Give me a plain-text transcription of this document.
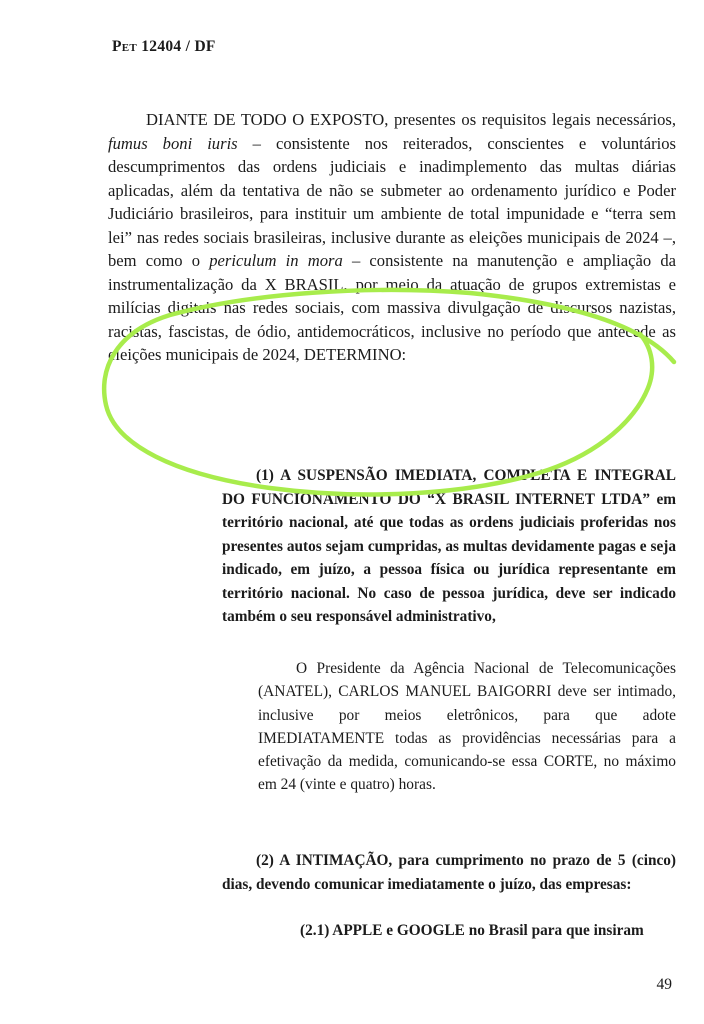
Pet 12404 / DF
DIANTE DE TODO O EXPOSTO, presentes os requisitos legais necessários, fumus boni iuris – consistente nos reiterados, conscientes e voluntários descumprimentos das ordens judiciais e inadimplemento das multas diárias aplicadas, além da tentativa de não se submeter ao ordenamento jurídico e Poder Judiciário brasileiros, para instituir um ambiente de total impunidade e “terra sem lei” nas redes sociais brasileiras, inclusive durante as eleições municipais de 2024 –, bem como o periculum in mora – consistente na manutenção e ampliação da instrumentalização da X BRASIL, por meio da atuação de grupos extremistas e milícias digitais nas redes sociais, com massiva divulgação de discursos nazistas, racistas, fascistas, de ódio, antidemocráticos, inclusive no período que antecede as eleições municipais de 2024, DETERMINO:
(1) A SUSPENSÃO IMEDIATA, COMPLETA E INTEGRAL DO FUNCIONAMENTO DO “X BRASIL INTERNET LTDA” em território nacional, até que todas as ordens judiciais proferidas nos presentes autos sejam cumpridas, as multas devidamente pagas e seja indicado, em juízo, a pessoa física ou jurídica representante em território nacional. No caso de pessoa jurídica, deve ser indicado também o seu responsável administrativo,
O Presidente da Agência Nacional de Telecomunicações (ANATEL), CARLOS MANUEL BAIGORRI deve ser intimado, inclusive por meios eletrônicos, para que adote IMEDIATAMENTE todas as providências necessárias para a efetivação da medida, comunicando-se essa CORTE, no máximo em 24 (vinte e quatro) horas.
(2) A INTIMAÇÃO, para cumprimento no prazo de 5 (cinco) dias, devendo comunicar imediatamente o juízo, das empresas:
(2.1) APPLE e GOOGLE no Brasil para que insiram
49
